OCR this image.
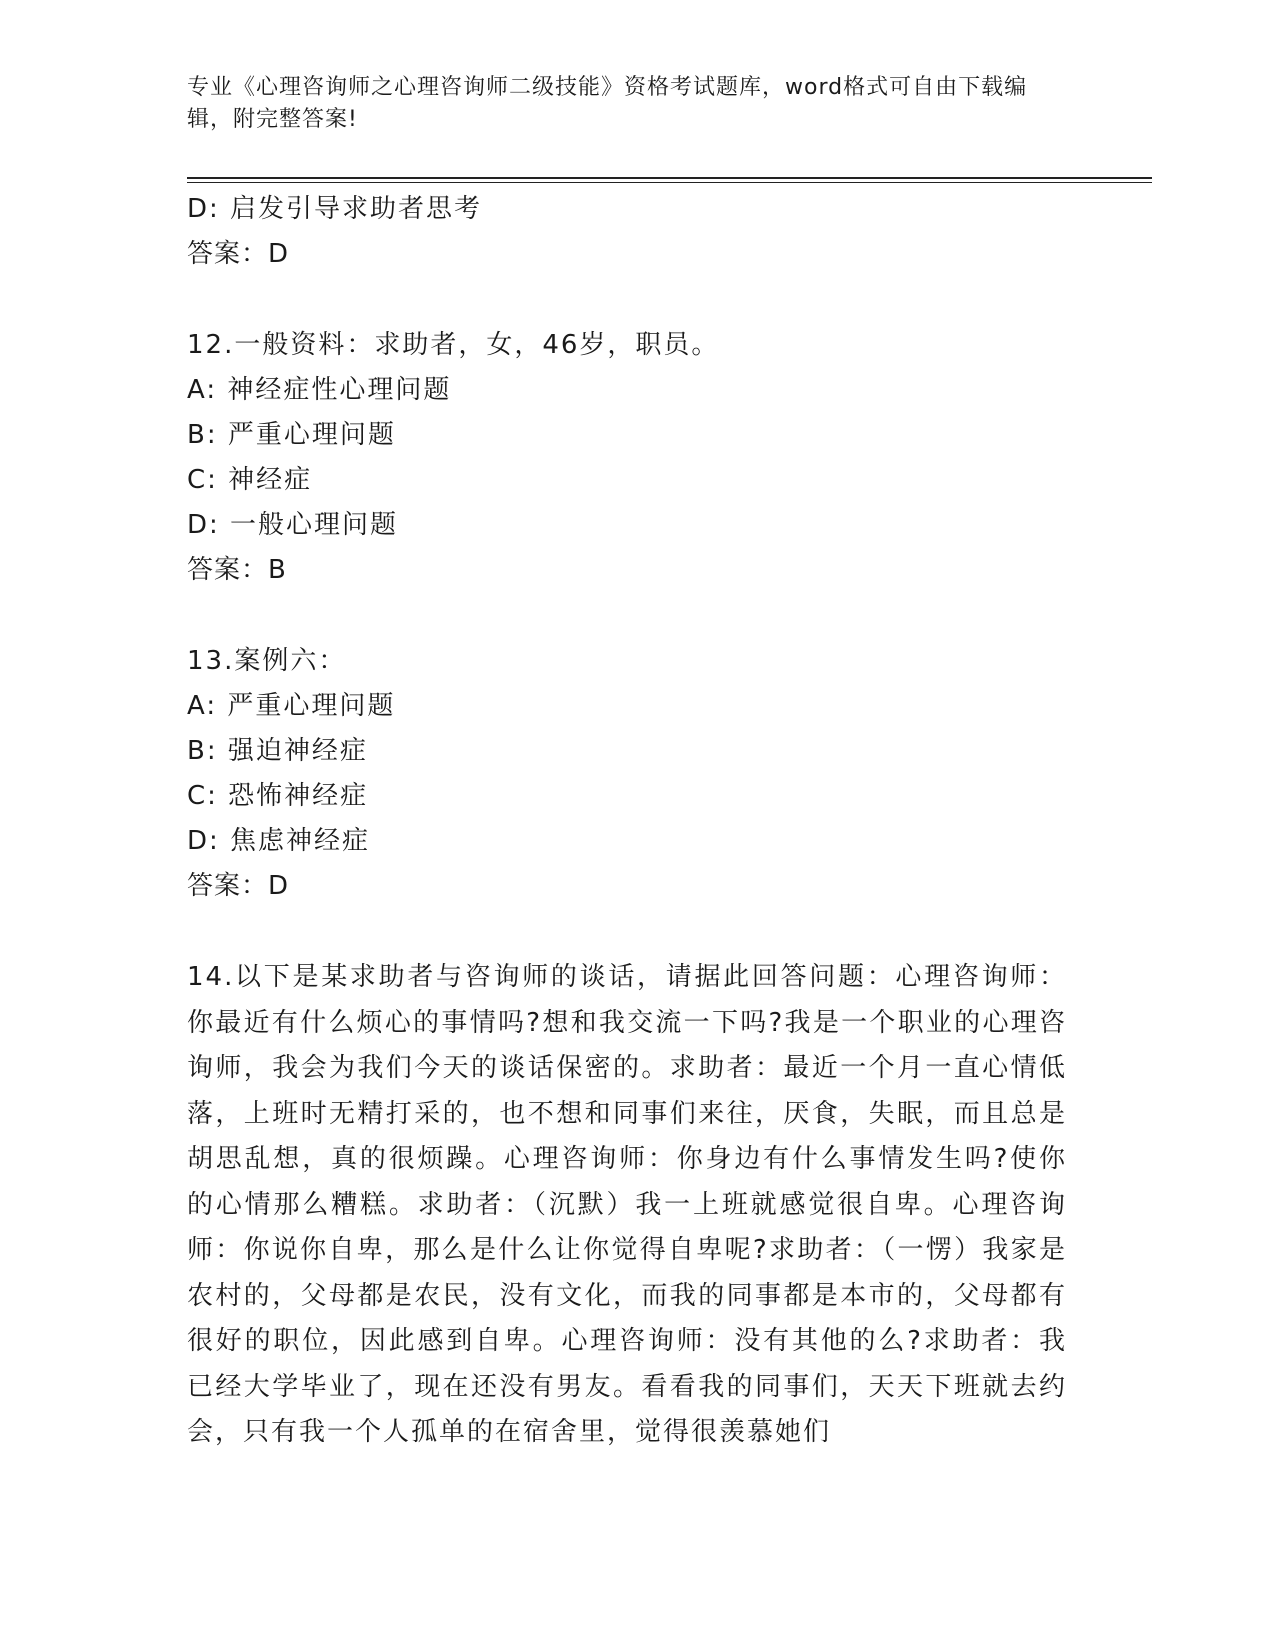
专业《心理咨询师之心理咨询师二级技能》资格考试题库，word格式可自由下载编辑，附完整答案!
D: 启发引导求助者思考
答案：D
12.一般资料：求助者，女，46岁，职员。
A: 神经症性心理问题
B: 严重心理问题
C: 神经症
D: 一般心理问题
答案：B
13.案例六：
A: 严重心理问题
B: 强迫神经症
C: 恐怖神经症
D: 焦虑神经症
答案：D
14.以下是某求助者与咨询师的谈话，请据此回答问题：心理咨询师：你最近有什么烦心的事情吗?想和我交流一下吗?我是一个职业的心理咨询师，我会为我们今天的谈话保密的。求助者：最近一个月一直心情低落，上班时无精打采的，也不想和同事们来往，厌食，失眠，而且总是胡思乱想，真的很烦躁。心理咨询师：你身边有什么事情发生吗?使你的心情那么糟糕。求助者：（沉默）我一上班就感觉很自卑。心理咨询师：你说你自卑，那么是什么让你觉得自卑呢?求助者：（一愣）我家是农村的，父母都是农民，没有文化，而我的同事都是本市的，父母都有很好的职位，因此感到自卑。心理咨询师：没有其他的么?求助者：我已经大学毕业了，现在还没有男友。看看我的同事们，天天下班就去约会，只有我一个人孤单的在宿舍里，觉得很羡慕她们
